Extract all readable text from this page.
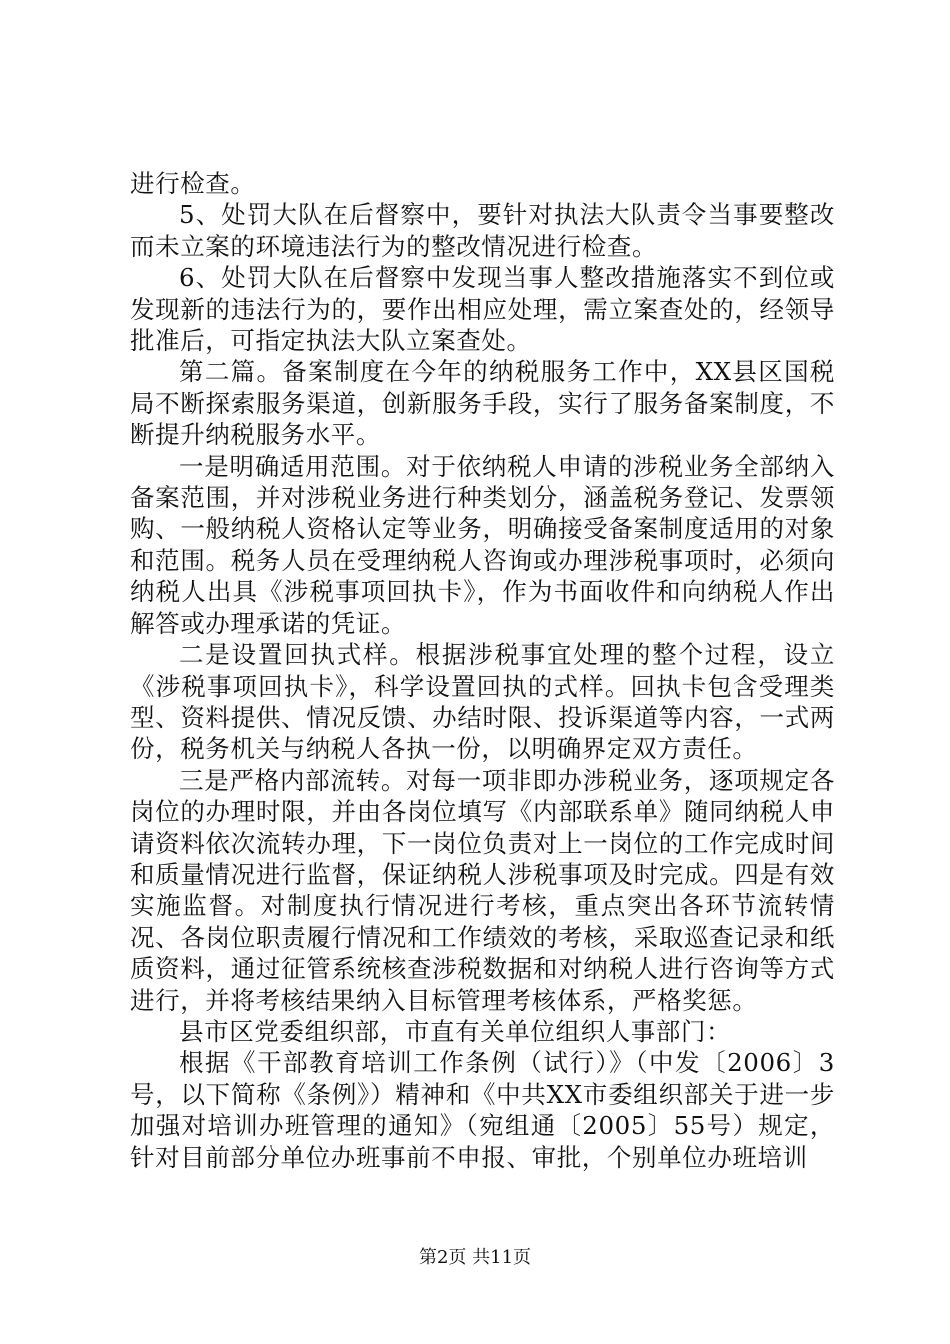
进行检查。

5、处罚大队在后督察中，要针对执法大队责令当事要整改而未立案的环境违法行为的整改情况进行检查。

6、处罚大队在后督察中发现当事人整改措施落实不到位或发现新的违法行为的，要作出相应处理，需立案查处的，经领导批准后，可指定执法大队立案查处。

第二篇。备案制度在今年的纳税服务工作中，XX县区国税局不断探索服务渠道，创新服务手段，实行了服务备案制度，不断提升纳税服务水平。

一是明确适用范围。对于依纳税人申请的涉税业务全部纳入备案范围，并对涉税业务进行种类划分，涵盖税务登记、发票领购、一般纳税人资格认定等业务，明确接受备案制度适用的对象和范围。税务人员在受理纳税人咨询或办理涉税事项时，必须向纳税人出具《涉税事项回执卡》，作为书面收件和向纳税人作出解答或办理承诺的凭证。

二是设置回执式样。根据涉税事宜处理的整个过程，设立《涉税事项回执卡》，科学设置回执的式样。回执卡包含受理类型、资料提供、情况反馈、办结时限、投诉渠道等内容，一式两份，税务机关与纳税人各执一份，以明确界定双方责任。

三是严格内部流转。对每一项非即办涉税业务，逐项规定各岗位的办理时限，并由各岗位填写《内部联系单》随同纳税人申请资料依次流转办理，下一岗位负责对上一岗位的工作完成时间和质量情况进行监督，保证纳税人涉税事项及时完成。四是有效实施监督。对制度执行情况进行考核，重点突出各环节流转情况、各岗位职责履行情况和工作绩效的考核，采取巡查记录和纸质资料，通过征管系统核查涉税数据和对纳税人进行咨询等方式进行，并将考核结果纳入目标管理考核体系，严格奖惩。

县市区党委组织部，市直有关单位组织人事部门：

根据《干部教育培训工作条例（试行）》（中发〔2006〕3号，以下简称《条例》）精神和《中共XX市委组织部关于进一步加强对培训办班管理的通知》（宛组通〔2005〕55号）规定，针对目前部分单位办班事前不申报、审批，个别单位办班培训

第2页 共11页
